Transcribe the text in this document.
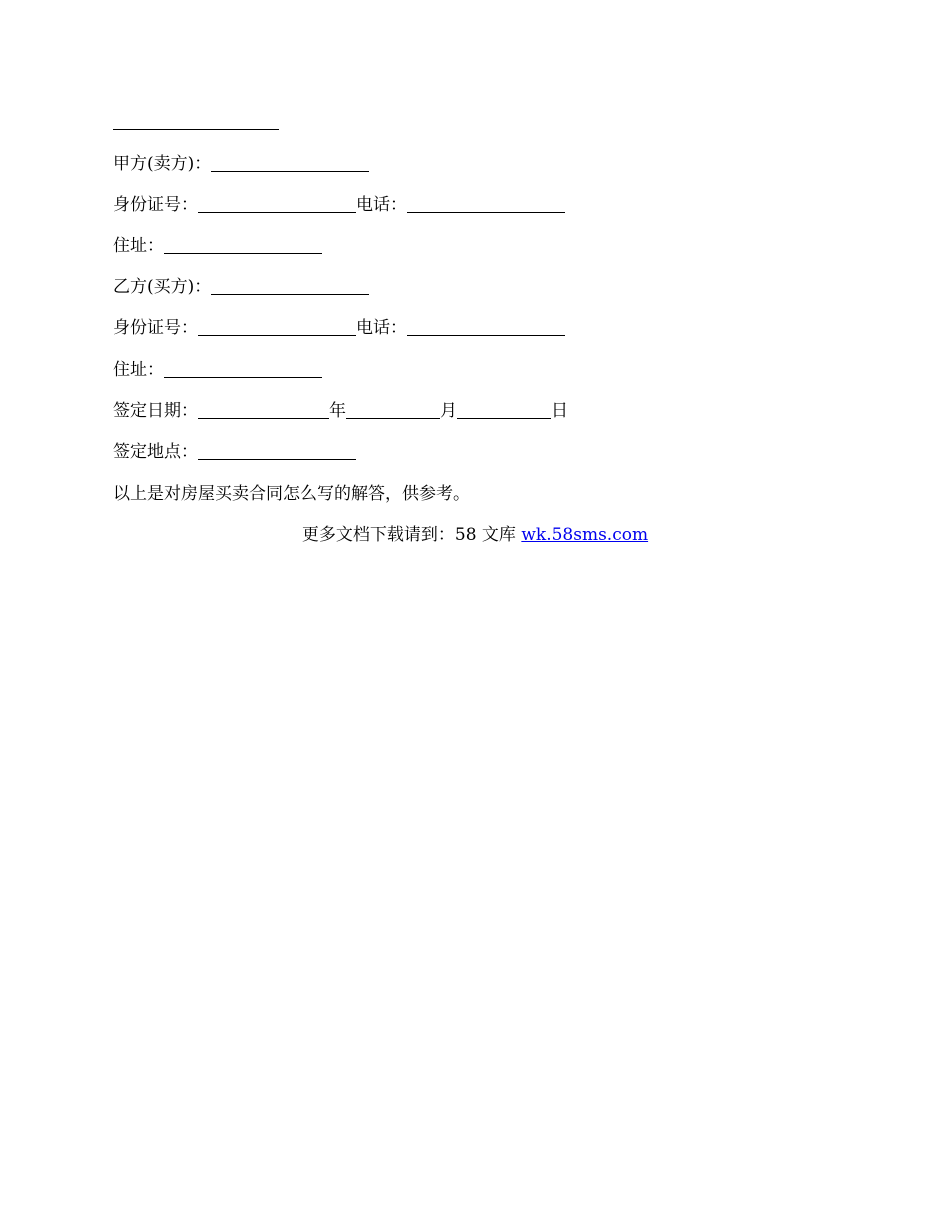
甲方(卖方)：
身份证号：	电话：
住址：
乙方(买方)：
身份证号：	电话：
住址：
签定日期：	年	月	日
签定地点：
以上是对房屋买卖合同怎么写的解答，供参考。
更多文档下载请到：58 文库 wk.58sms.com
